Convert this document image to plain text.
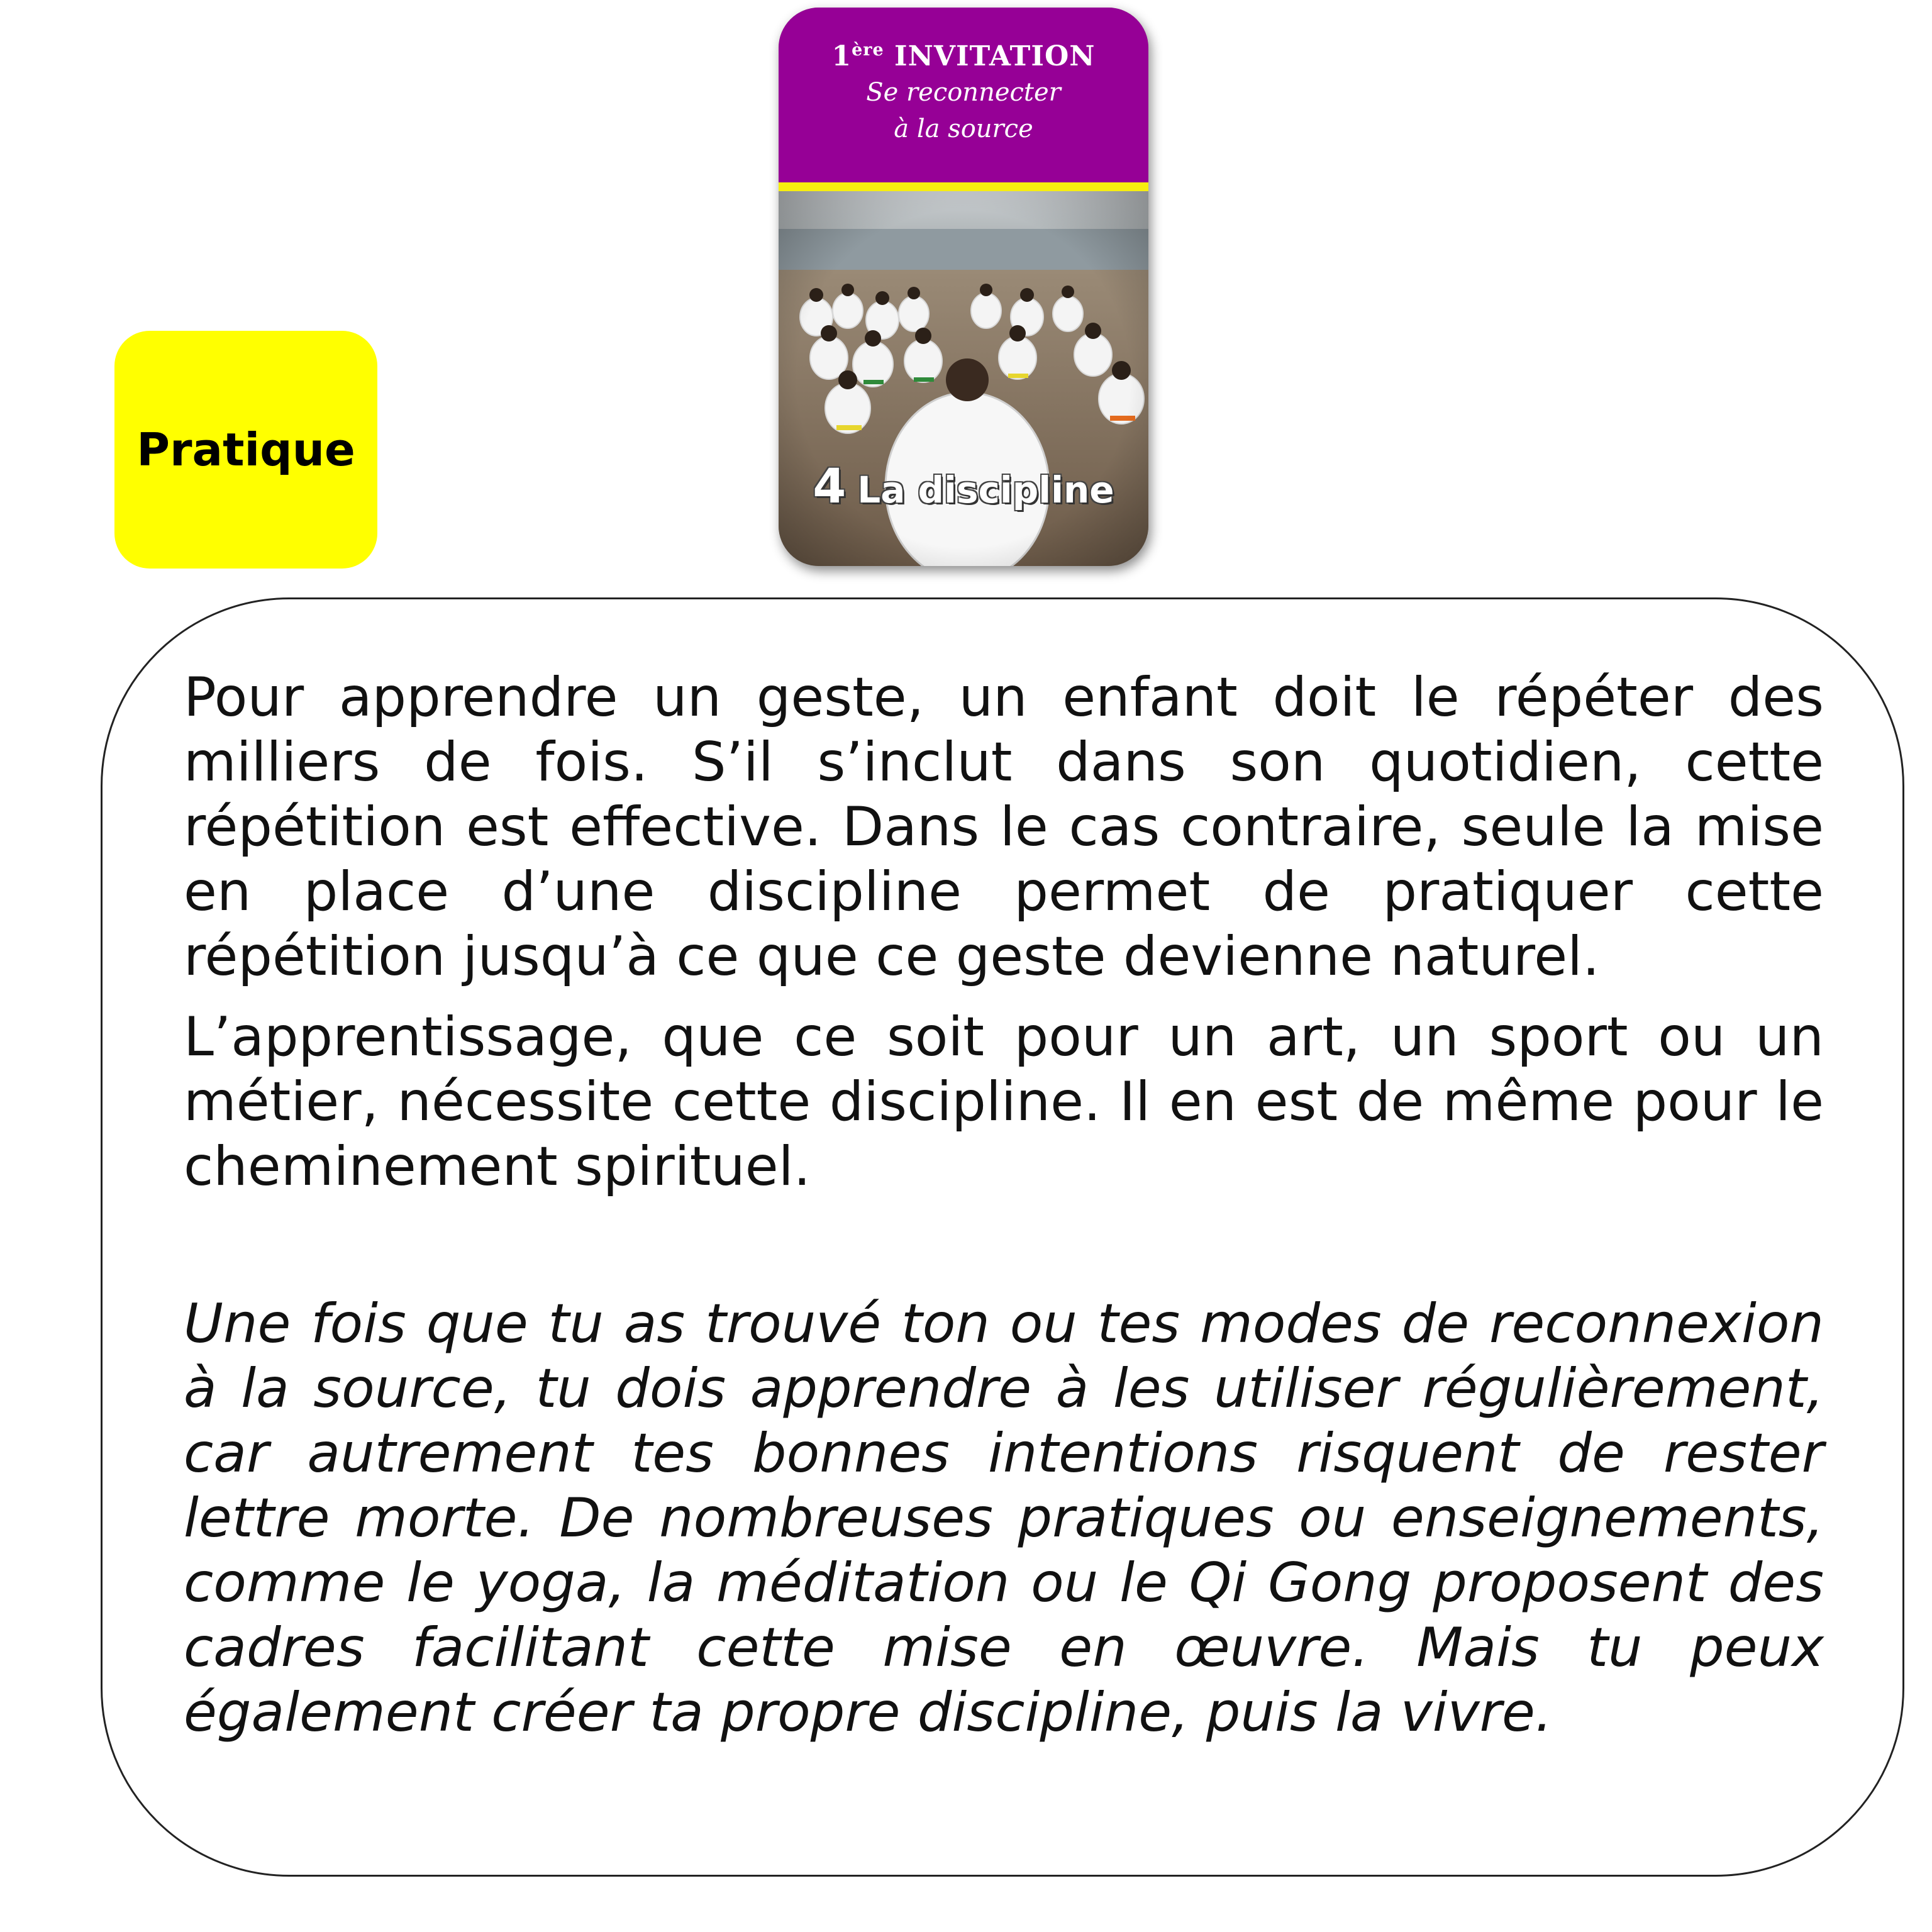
Pratique
1ère INVITATION
Se reconnecter
à la source
4 La discipline

Pour apprendre un geste, un enfant doit le répéter des milliers de fois. S’il s’inclut dans son quotidien, cette répétition est effective. Dans le cas contraire, seule la mise en place d’une discipline permet de pratiquer cette répétition jusqu’à ce que ce geste devienne naturel.

L’apprentissage, que ce soit pour un art, un sport ou un métier, nécessite cette discipline. Il en est de même pour le cheminement spirituel.

Une fois que tu as trouvé ton ou tes modes de reconnexion à la source, tu dois apprendre à les utiliser régulièrement, car autrement tes bonnes intentions risquent de rester lettre morte. De nombreuses pratiques ou enseignements, comme le yoga, la méditation ou le Qi Gong proposent des cadres facilitant cette mise en œuvre. Mais tu peux également créer ta propre discipline, puis la vivre.
